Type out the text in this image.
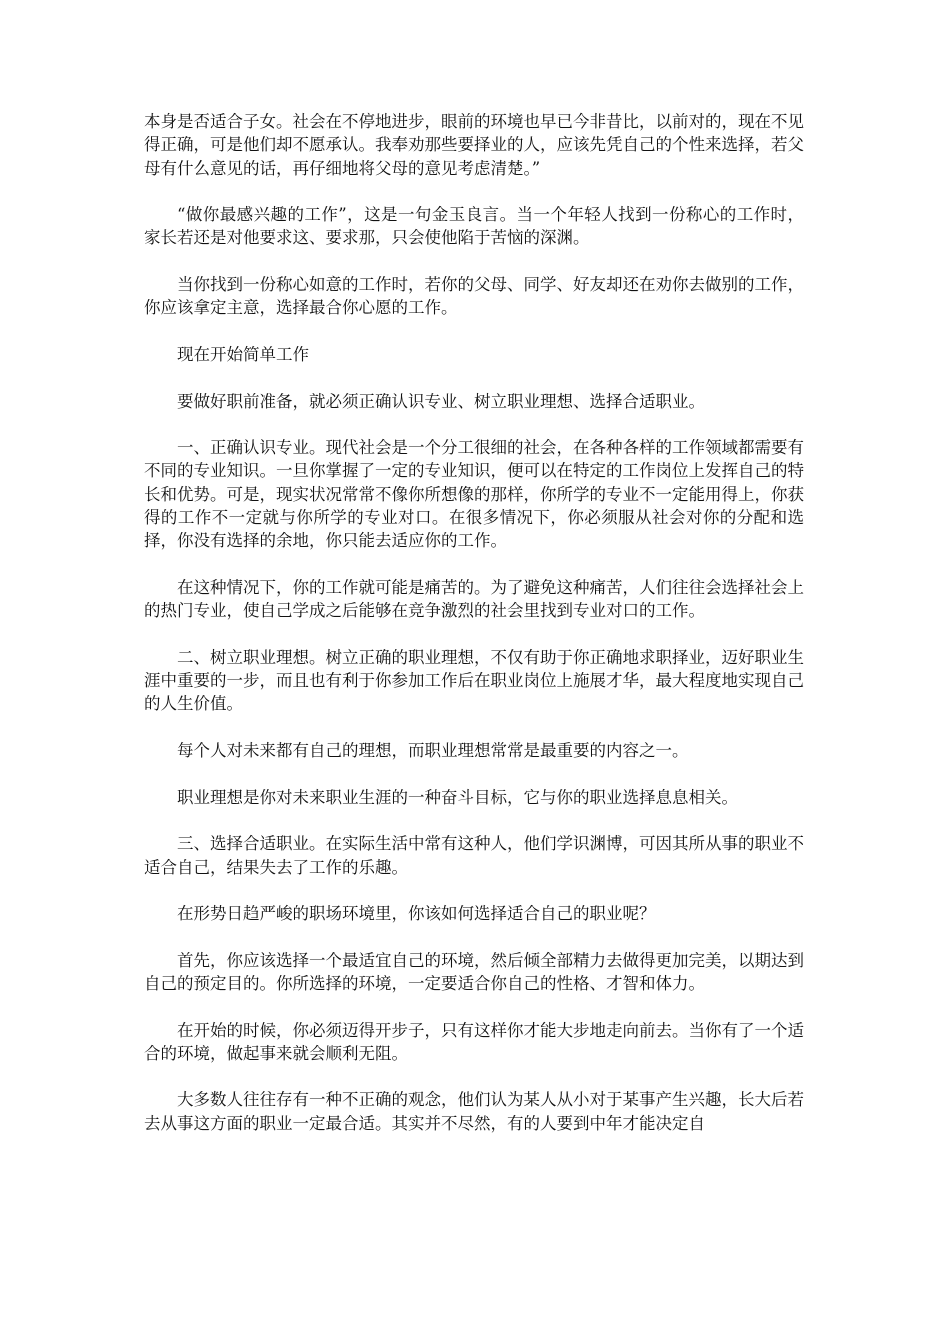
本身是否适合子女。社会在不停地进步，眼前的环境也早已今非昔比，以前对的，现在不见得正确，可是他们却不愿承认。我奉劝那些要择业的人，应该先凭自己的个性来选择，若父母有什么意见的话，再仔细地将父母的意见考虑清楚。”

“做你最感兴趣的工作”，这是一句金玉良言。当一个年轻人找到一份称心的工作时，家长若还是对他要求这、要求那，只会使他陷于苦恼的深渊。

当你找到一份称心如意的工作时，若你的父母、同学、好友却还在劝你去做别的工作，你应该拿定主意，选择最合你心愿的工作。

现在开始简单工作

要做好职前准备，就必须正确认识专业、树立职业理想、选择合适职业。

一、正确认识专业。现代社会是一个分工很细的社会，在各种各样的工作领域都需要有不同的专业知识。一旦你掌握了一定的专业知识，便可以在特定的工作岗位上发挥自己的特长和优势。可是，现实状况常常不像你所想像的那样，你所学的专业不一定能用得上，你获得的工作不一定就与你所学的专业对口。在很多情况下，你必须服从社会对你的分配和选择，你没有选择的余地，你只能去适应你的工作。

在这种情况下，你的工作就可能是痛苦的。为了避免这种痛苦，人们往往会选择社会上的热门专业，使自己学成之后能够在竞争激烈的社会里找到专业对口的工作。

二、树立职业理想。树立正确的职业理想，不仅有助于你正确地求职择业，迈好职业生涯中重要的一步，而且也有利于你参加工作后在职业岗位上施展才华，最大程度地实现自己的人生价值。

每个人对未来都有自己的理想，而职业理想常常是最重要的内容之一。

职业理想是你对未来职业生涯的一种奋斗目标，它与你的职业选择息息相关。

三、选择合适职业。在实际生活中常有这种人，他们学识渊博，可因其所从事的职业不适合自己，结果失去了工作的乐趣。

在形势日趋严峻的职场环境里，你该如何选择适合自己的职业呢？

首先，你应该选择一个最适宜自己的环境，然后倾全部精力去做得更加完美，以期达到自己的预定目的。你所选择的环境，一定要适合你自己的性格、才智和体力。

在开始的时候，你必须迈得开步子，只有这样你才能大步地走向前去。当你有了一个适合的环境，做起事来就会顺利无阻。

大多数人往往存有一种不正确的观念，他们认为某人从小对于某事产生兴趣，长大后若去从事这方面的职业一定最合适。其实并不尽然，有的人要到中年才能决定自
